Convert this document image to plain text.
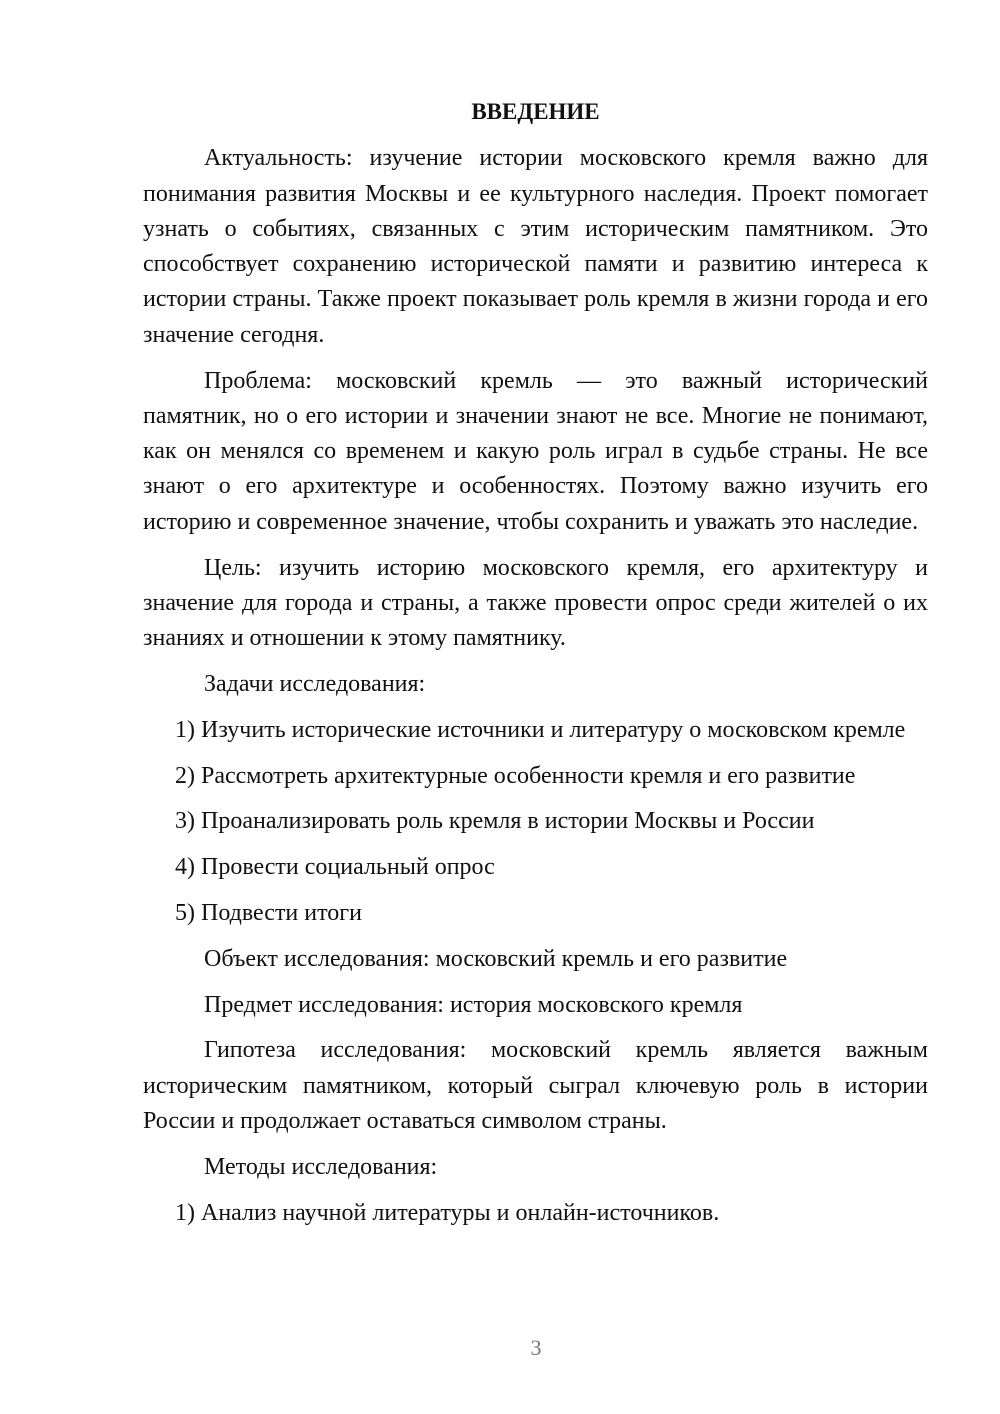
ВВЕДЕНИЕ
Актуальность: изучение истории московского кремля важно для понимания развития Москвы и ее культурного наследия. Проект помогает узнать о событиях, связанных с этим историческим памятником. Это способствует сохранению исторической памяти и развитию интереса к истории страны. Также проект показывает роль кремля в жизни города и его значение сегодня.
Проблема: московский кремль — это важный исторический памятник, но о его истории и значении знают не все. Многие не понимают, как он менялся со временем и какую роль играл в судьбе страны. Не все знают о его архитектуре и особенностях. Поэтому важно изучить его историю и современное значение, чтобы сохранить и уважать это наследие.
Цель: изучить историю московского кремля, его архитектуру и значение для города и страны, а также провести опрос среди жителей о их знаниях и отношении к этому памятнику.
Задачи исследования:
1) Изучить исторические источники и литературу о московском кремле
2) Рассмотреть архитектурные особенности кремля и его развитие
3) Проанализировать роль кремля в истории Москвы и России
4) Провести социальный опрос
5) Подвести итоги
Объект исследования: московский кремль и его развитие
Предмет исследования: история московского кремля
Гипотеза исследования: московский кремль является важным историческим памятником, который сыграл ключевую роль в истории России и продолжает оставаться символом страны.
Методы исследования:
1) Анализ научной литературы и онлайн-источников.
3
